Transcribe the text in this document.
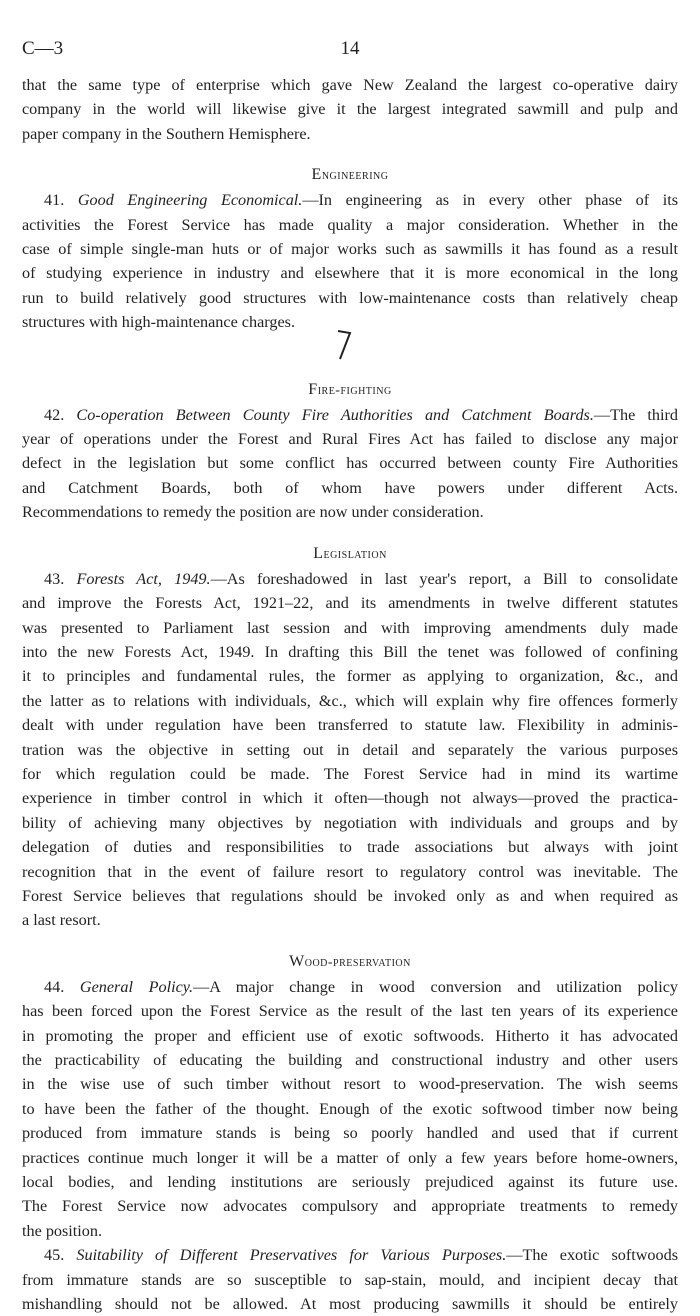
C—3	14
that the same type of enterprise which gave New Zealand the largest co-operative dairy
company in the world will likewise give it the largest integrated sawmill and pulp and
paper company in the Southern Hemisphere.
Engineering
41. Good Engineering Economical.—In engineering as in every other phase of its
activities the Forest Service has made quality a major consideration. Whether in the
case of simple single-man huts or of major works such as sawmills it has found as a result
of studying experience in industry and elsewhere that it is more economical in the long
run to build relatively good structures with low-maintenance costs than relatively cheap
structures with high-maintenance charges.
Fire-fighting
42. Co-operation Between County Fire Authorities and Catchment Boards.—The third
year of operations under the Forest and Rural Fires Act has failed to disclose any major
defect in the legislation but some conflict has occurred between county Fire Authorities
and Catchment Boards, both of whom have powers under different Acts.
Recommendations to remedy the position are now under consideration.
Legislation
43. Forests Act, 1949.—As foreshadowed in last year's report, a Bill to consolidate
and improve the Forests Act, 1921–22, and its amendments in twelve different statutes
was presented to Parliament last session and with improving amendments duly made
into the new Forests Act, 1949. In drafting this Bill the tenet was followed of confining
it to principles and fundamental rules, the former as applying to organization, &c., and
the latter as to relations with individuals, &c., which will explain why fire offences formerly
dealt with under regulation have been transferred to statute law. Flexibility in adminis-
tration was the objective in setting out in detail and separately the various purposes
for which regulation could be made. The Forest Service had in mind its wartime
experience in timber control in which it often—though not always—proved the practica-
bility of achieving many objectives by negotiation with individuals and groups and by
delegation of duties and responsibilities to trade associations but always with joint
recognition that in the event of failure resort to regulatory control was inevitable. The
Forest Service believes that regulations should be invoked only as and when required as
a last resort.
Wood-preservation
44. General Policy.—A major change in wood conversion and utilization policy
has been forced upon the Forest Service as the result of the last ten years of its experience
in promoting the proper and efficient use of exotic softwoods. Hitherto it has advocated
the practicability of educating the building and constructional industry and other users
in the wise use of such timber without resort to wood-preservation. The wish seems
to have been the father of the thought. Enough of the exotic softwood timber now being
produced from immature stands is being so poorly handled and used that if current
practices continue much longer it will be a matter of only a few years before home-owners,
local bodies, and lending institutions are seriously prejudiced against its future use.
The Forest Service now advocates compulsory and appropriate treatments to remedy
the position.
45. Suitability of Different Preservatives for Various Purposes.—The exotic softwoods
from immature stands are so susceptible to sap-stain, mould, and incipient decay that
mishandling should not be allowed. At most producing sawmills it should be entirely
